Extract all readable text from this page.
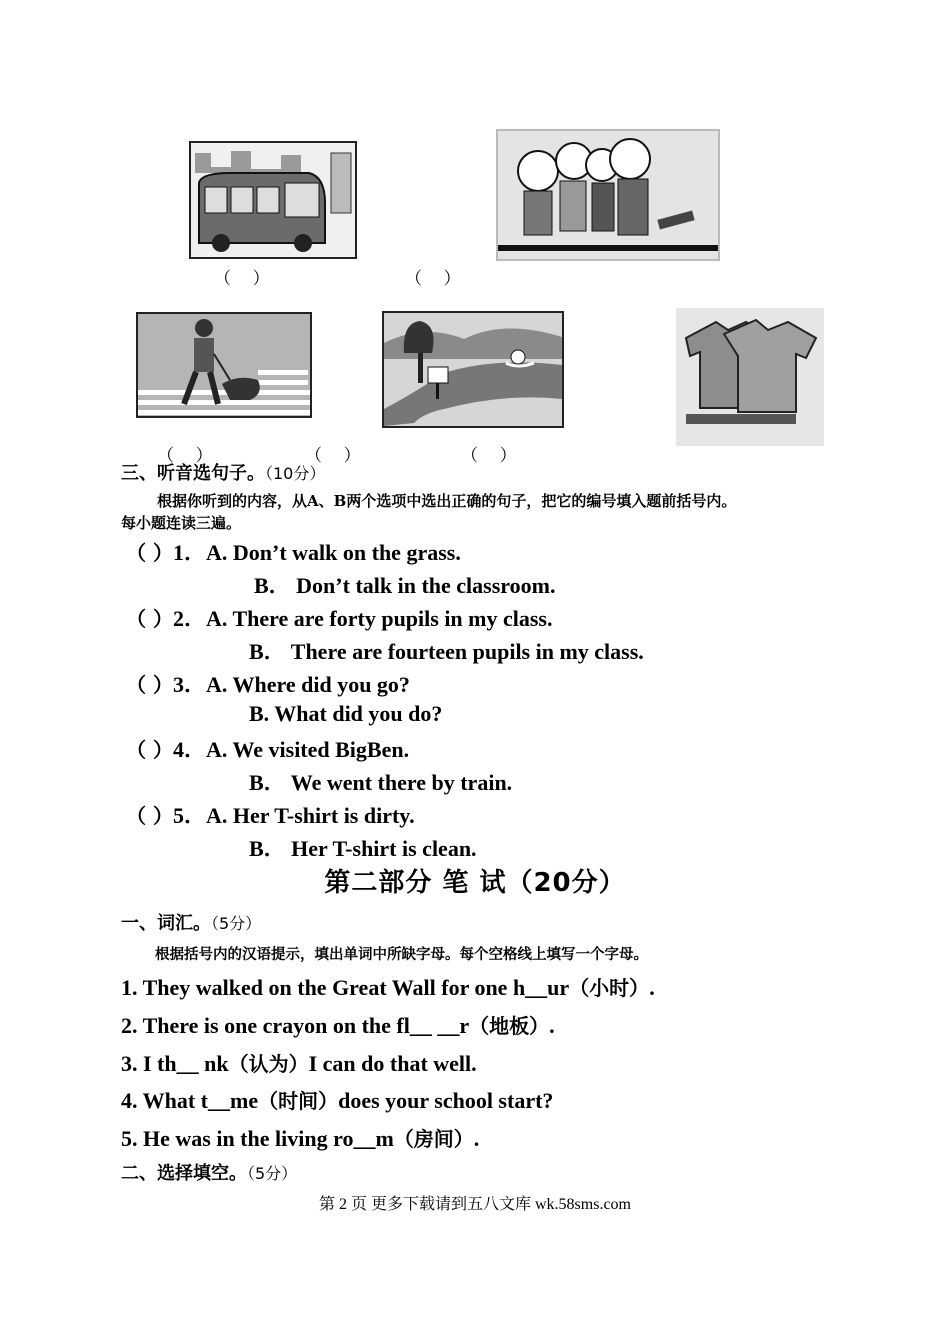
（    ）	（    ）
（    ）	（    ）	（    ）
三、听音选句子。（10分）
根据你听到的内容，从A、B两个选项中选出正确的句子，把它的编号填入题前括号内。
每小题连读三遍。
（ ）1．A. Don’t walk on the grass.
B． Don’t talk in the classroom.
（ ）2．A. There are forty pupils in my class.
B． There are fourteen pupils in my class.
（ ）3．A. Where did you go?
B. What did you do?
（ ）4．A. We visited BigBen.
B． We went there by train.
（ ）5．A. Her T-shirt is dirty.
B． Her T-shirt is clean.
第二部分 笔 试（20分）
一、词汇。（5分）
根据括号内的汉语提示，填出单词中所缺字母。每个空格线上填写一个字母。
1. They walked on the Great Wall for one h__ur（小时）.
2. There is one crayon on the fl__ __r（地板）.
3. I th__ nk（认为）I can do that well.
4. What t__me（时间）does your school start?
5. He was in the living ro__m（房间）.
二、选择填空。（5分）
第 2 页 更多下载请到五八文库 wk.58sms.com
